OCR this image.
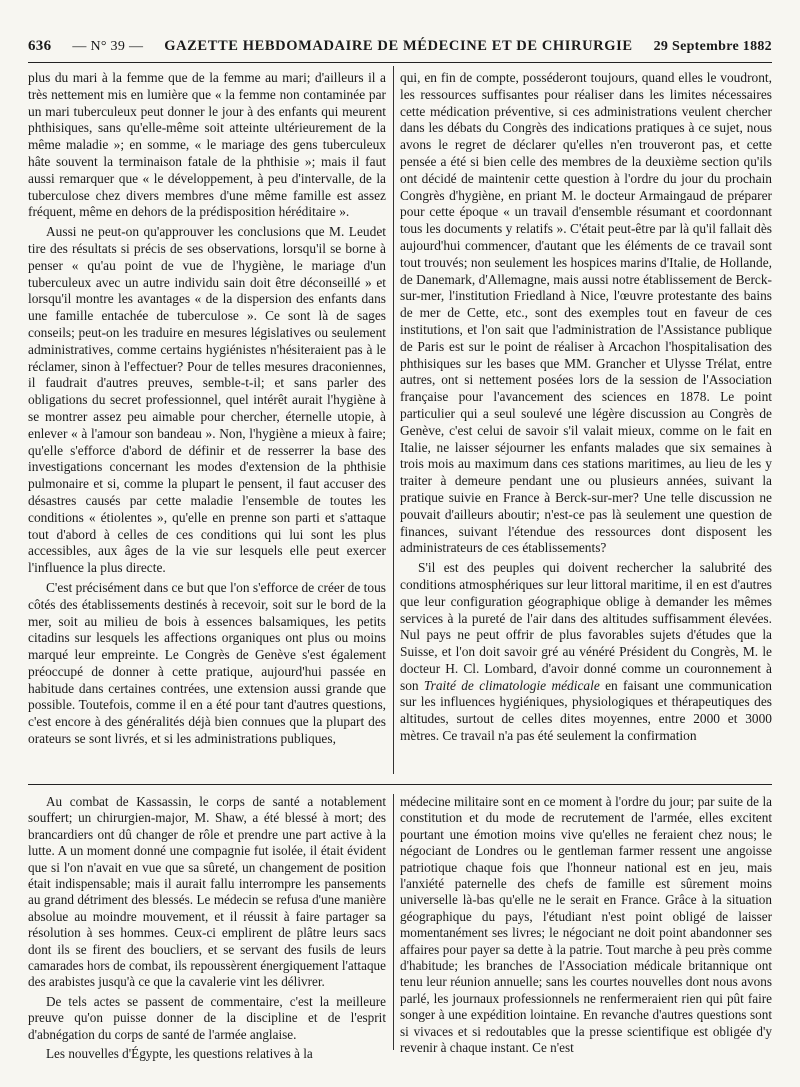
636 — N° 39 — GAZETTE HEBDOMADAIRE DE MÉDECINE ET DE CHIRURGIE 29 Septembre 1882

plus du mari à la femme que de la femme au mari; d'ailleurs il a très nettement mis en lumière que « la femme non contaminée par un mari tuberculeux peut donner le jour à des enfants qui meurent phthisiques, sans qu'elle-même soit atteinte ultérieurement de la même maladie »; en somme, « le mariage des gens tuberculeux hâte souvent la terminaison fatale de la phthisie »; mais il faut aussi remarquer que « le développement, à peu d'intervalle, de la tuberculose chez divers membres d'une même famille est assez fréquent, même en dehors de la prédisposition héréditaire ».

Aussi ne peut-on qu'approuver les conclusions que M. Leudet tire des résultats si précis de ses observations, lorsqu'il se borne à penser « qu'au point de vue de l'hygiène, le mariage d'un tuberculeux avec un autre individu sain doit être déconseillé » et lorsqu'il montre les avantages « de la dispersion des enfants dans une famille entachée de tuberculose ». Ce sont là de sages conseils; peut-on les traduire en mesures législatives ou seulement administratives, comme certains hygiénistes n'hésiteraient pas à le réclamer, sinon à l'effectuer? Pour de telles mesures draconiennes, il faudrait d'autres preuves, semble-t-il; et sans parler des obligations du secret professionnel, quel intérêt aurait l'hygiène à se montrer assez peu aimable pour chercher, éternelle utopie, à enlever « à l'amour son bandeau ». Non, l'hygiène a mieux à faire; qu'elle s'efforce d'abord de définir et de resserrer la base des investigations concernant les modes d'extension de la phthisie pulmonaire et si, comme la plupart le pensent, il faut accuser des désastres causés par cette maladie l'ensemble de toutes les conditions « étiolentes », qu'elle en prenne son parti et s'attaque tout d'abord à celles de ces conditions qui lui sont les plus accessibles, aux âges de la vie sur lesquels elle peut exercer l'influence la plus directe.

C'est précisément dans ce but que l'on s'efforce de créer de tous côtés des établissements destinés à recevoir, soit sur le bord de la mer, soit au milieu de bois à essences balsamiques, les petits citadins sur lesquels les affections organiques ont plus ou moins marqué leur empreinte. Le Congrès de Genève s'est également préoccupé de donner à cette pratique, aujourd'hui passée en habitude dans certaines contrées, une extension aussi grande que possible. Toutefois, comme il en a été pour tant d'autres questions, c'est encore à des généralités déjà bien connues que la plupart des orateurs se sont livrés, et si les administrations publiques,

qui, en fin de compte, posséderont toujours, quand elles le voudront, les ressources suffisantes pour réaliser dans les limites nécessaires cette médication préventive, si ces administrations veulent chercher dans les débats du Congrès des indications pratiques à ce sujet, nous avons le regret de déclarer qu'elles n'en trouveront pas, et cette pensée a été si bien celle des membres de la deuxième section qu'ils ont décidé de maintenir cette question à l'ordre du jour du prochain Congrès d'hygiène, en priant M. le docteur Armaingaud de préparer pour cette époque « un travail d'ensemble résumant et coordonnant tous les documents y relatifs ». C'était peut-être par là qu'il fallait dès aujourd'hui commencer, d'autant que les éléments de ce travail sont tout trouvés; non seulement les hospices marins d'Italie, de Hollande, de Danemark, d'Allemagne, mais aussi notre établissement de Berck-sur-mer, l'institution Friedland à Nice, l'œuvre protestante des bains de mer de Cette, etc., sont des exemples tout en faveur de ces institutions, et l'on sait que l'administration de l'Assistance publique de Paris est sur le point de réaliser à Arcachon l'hospitalisation des phthisiques sur les bases que MM. Grancher et Ulysse Trélat, entre autres, ont si nettement posées lors de la session de l'Association française pour l'avancement des sciences en 1878. Le point particulier qui a seul soulevé une légère discussion au Congrès de Genève, c'est celui de savoir s'il valait mieux, comme on le fait en Italie, ne laisser séjourner les enfants malades que six semaines à trois mois au maximum dans ces stations maritimes, au lieu de les y traiter à demeure pendant une ou plusieurs années, suivant la pratique suivie en France à Berck-sur-mer? Une telle discussion ne pouvait d'ailleurs aboutir; n'est-ce pas là seulement une question de finances, suivant l'étendue des ressources dont disposent les administrateurs de ces établissements?

S'il est des peuples qui doivent rechercher la salubrité des conditions atmosphériques sur leur littoral maritime, il en est d'autres que leur configuration géographique oblige à demander les mêmes services à la pureté de l'air dans des altitudes suffisamment élevées. Nul pays ne peut offrir de plus favorables sujets d'études que la Suisse, et l'on doit savoir gré au vénéré Président du Congrès, M. le docteur H. Cl. Lombard, d'avoir donné comme un couronnement à son Traité de climatologie médicale en faisant une communication sur les influences hygiéniques, physiologiques et thérapeutiques des altitudes, surtout de celles dites moyennes, entre 2000 et 3000 mètres. Ce travail n'a pas été seulement la confirmation

Au combat de Kassassin, le corps de santé a notablement souffert; un chirurgien-major, M. Shaw, a été blessé à mort; des brancardiers ont dû changer de rôle et prendre une part active à la lutte. A un moment donné une compagnie fut isolée, il était évident que si l'on n'avait en vue que sa sûreté, un changement de position était indispensable; mais il aurait fallu interrompre les pansements au grand détriment des blessés. Le médecin se refusa d'une manière absolue au moindre mouvement, et il réussit à faire partager sa résolution à ses hommes. Ceux-ci emplirent de plâtre leurs sacs dont ils se firent des boucliers, et se servant des fusils de leurs camarades hors de combat, ils repoussèrent énergiquement l'attaque des arabistes jusqu'à ce que la cavalerie vint les délivrer.

De tels actes se passent de commentaire, c'est la meilleure preuve qu'on puisse donner de la discipline et de l'esprit d'abnégation du corps de santé de l'armée anglaise.

Les nouvelles d'Égypte, les questions relatives à la

médecine militaire sont en ce moment à l'ordre du jour; par suite de la constitution et du mode de recrutement de l'armée, elles excitent pourtant une émotion moins vive qu'elles ne feraient chez nous; le négociant de Londres ou le gentleman farmer ressent une angoisse patriotique chaque fois que l'honneur national est en jeu, mais l'anxiété paternelle des chefs de famille est sûrement moins universelle là-bas qu'elle ne le serait en France. Grâce à la situation géographique du pays, l'étudiant n'est point obligé de laisser momentanément ses livres; le négociant ne doit point abandonner ses affaires pour payer sa dette à la patrie. Tout marche à peu près comme d'habitude; les branches de l'Association médicale britannique ont tenu leur réunion annuelle; sans les courtes nouvelles dont nous avons parlé, les journaux professionnels ne renfermeraient rien qui pût faire songer à une expédition lointaine. En revanche d'autres questions sont si vivaces et si redoutables que la presse scientifique est obligée d'y revenir à chaque instant. Ce n'est
